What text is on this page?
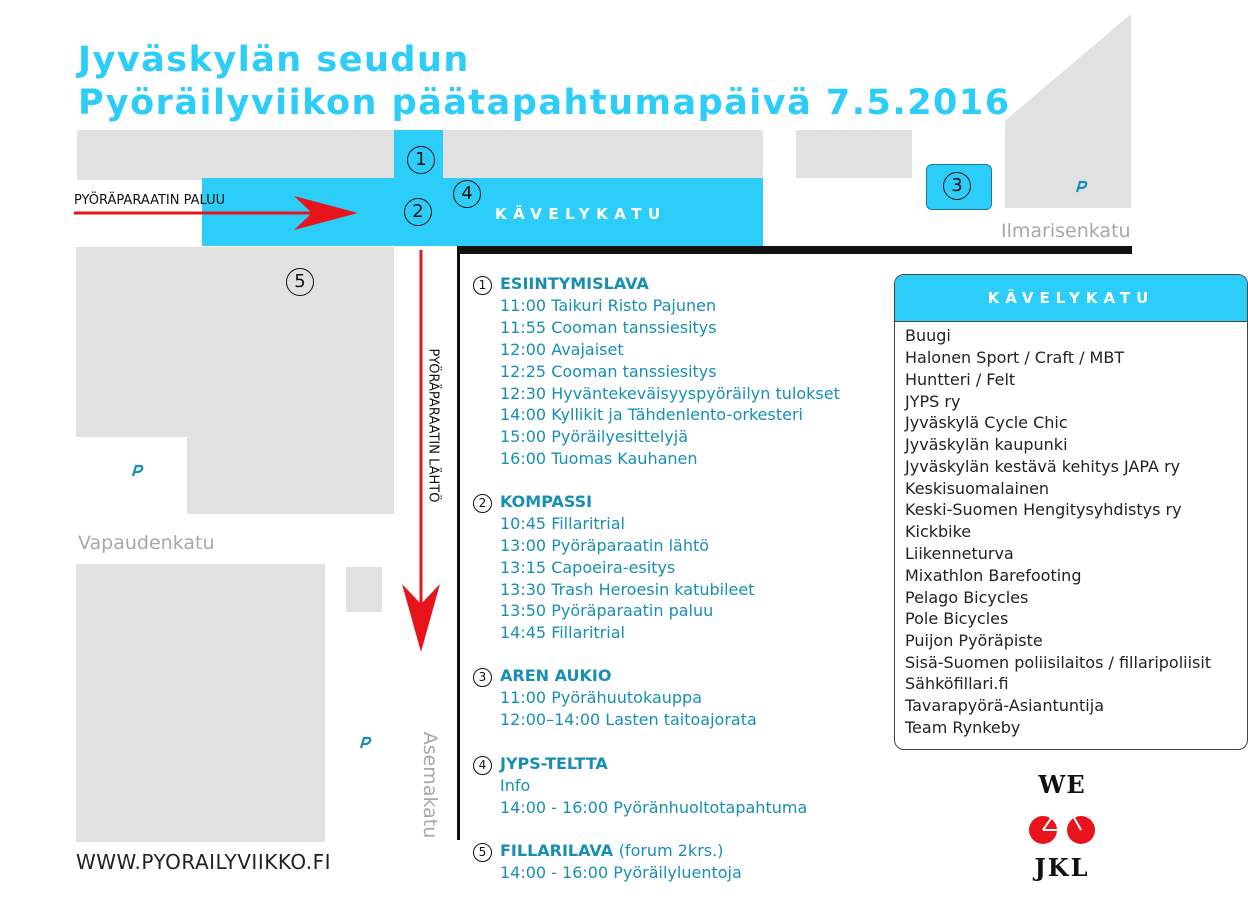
Jyväskylän seudun
Pyöräilyviikon päätapahtumapäivä 7.5.2016
KÄVELYKATU
1
2
3
4
5
PYÖRÄPARAATIN PALUU
PYÖRÄPARAATIN LÄHTÖ
Ilmarisenkatu
Vapaudenkatu
Asemakatu
WWW.PYORAILYVIIKKO.FI
1 ESIINTYMISLAVA
11:00 Taikuri Risto Pajunen
11:55 Cooman tanssiesitys
12:00 Avajaiset
12:25 Cooman tanssiesitys
12:30 Hyväntekeväisyyspyöräilyn tulokset
14:00 Kyllikit ja Tähdenlento-orkesteri
15:00 Pyöräilyesittelyjä
16:00 Tuomas Kauhanen
2 KOMPASSI
10:45 Fillaritrial
13:00 Pyöräparaatin lähtö
13:15 Capoeira-esitys
13:30 Trash Heroesin katubileet
13:50 Pyöräparaatin paluu
14:45 Fillaritrial
3 AREN AUKIO
11:00 Pyörähuutokauppa
12:00–14:00 Lasten taitoajorata
4 JYPS-TELTTA
Info
14:00 - 16:00 Pyöränhuoltotapahtuma
5 FILLARILAVA (forum 2krs.)
14:00 - 16:00 Pyöräilyluentoja
KÄVELYKATU
Buugi
Halonen Sport / Craft / MBT
Huntteri / Felt
JYPS ry
Jyväskylä Cycle Chic
Jyväskylän kaupunki
Jyväskylän kestävä kehitys JAPA ry
Keskisuomalainen
Keski-Suomen Hengitysyhdistys ry
Kickbike
Liikenneturva
Mixathlon Barefooting
Pelago Bicycles
Pole Bicycles
Puijon Pyöräpiste
Sisä-Suomen poliisilaitos / fillaripoliisit
Sähköfillari.fi
Tavarapyörä-Asiantuntija
Team Rynkeby
WE
JKL
